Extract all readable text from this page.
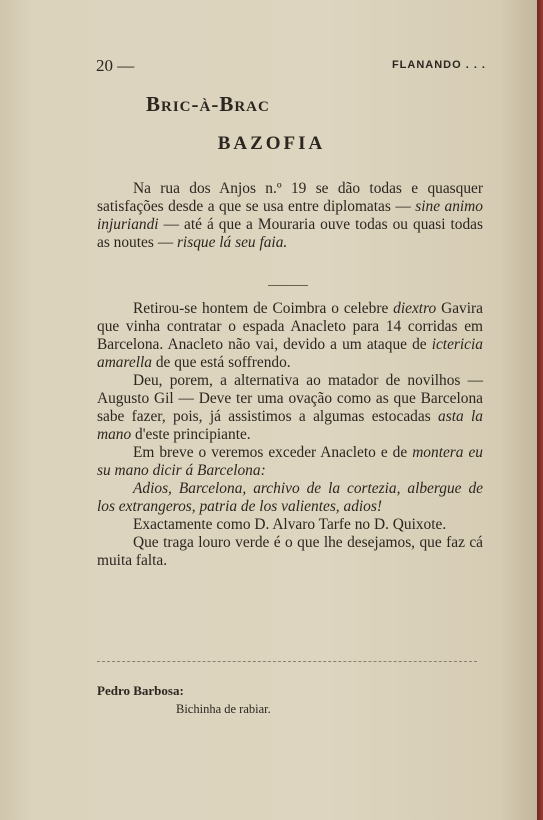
20 —	FLANANDO . . .
Bric-à-Brac
BAZOFIA

Na rua dos Anjos n.º 19 se dão todas e quasquer satisfações desde a que se usa entre diplomatas — sine animo injuriandi — até á que a Mouraria ouve todas ou quasi todas as noutes — risque lá seu faia.

Retirou-se hontem de Coimbra o celebre diextro Gavira que vinha contratar o espada Anacleto para 14 corridas em Barcelona. Anacleto não vai, devido a um ataque de ictericia amarella de que está soffrendo.

Deu, porem, a alternativa ao matador de novilhos — Augusto Gil — Deve ter uma ovação como as que Barcelona sabe fazer, pois, já assistimos a algumas estocadas asta la mano d'este principiante.

Em breve o veremos exceder Anacleto e de montera eu su mano dicir á Barcelona:

Adios, Barcelona, archivo de la cortezia, albergue de los extrangeros, patria de los valientes, adios!

Exactamente como D. Alvaro Tarfe no D. Quixote.

Que traga louro verde é o que lhe desejamos, que faz cá muita falta.

Pedro Barbosa:
Bichinha de rabiar.
